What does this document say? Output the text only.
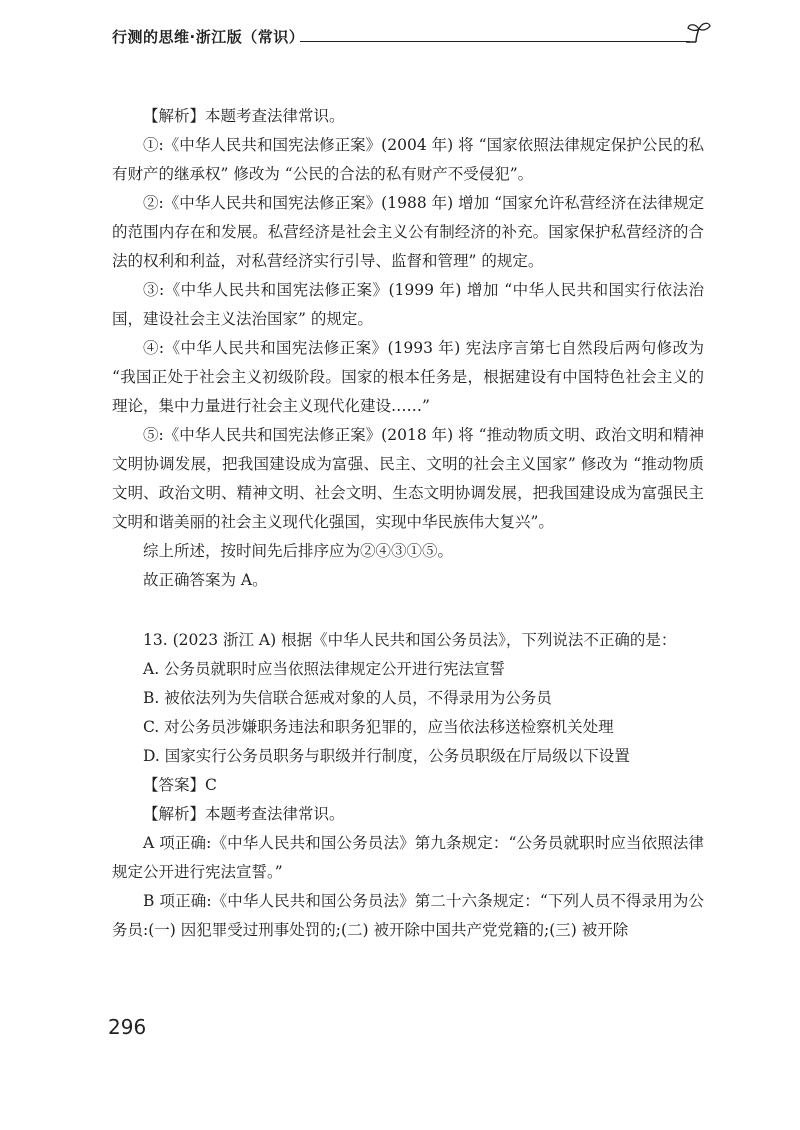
行测的思维·浙江版（常识）

【解析】本题考查法律常识。

①:《中华人民共和国宪法修正案》(2004 年) 将 “国家依照法律规定保护公民的私有财产的继承权” 修改为 “公民的合法的私有财产不受侵犯”。

②:《中华人民共和国宪法修正案》(1988 年) 增加 “国家允许私营经济在法律规定的范围内存在和发展。私营经济是社会主义公有制经济的补充。国家保护私营经济的合法的权利和利益，对私营经济实行引导、监督和管理” 的规定。

③:《中华人民共和国宪法修正案》(1999 年) 增加 “中华人民共和国实行依法治国，建设社会主义法治国家” 的规定。

④:《中华人民共和国宪法修正案》(1993 年) 宪法序言第七自然段后两句修改为 “我国正处于社会主义初级阶段。国家的根本任务是，根据建设有中国特色社会主义的理论，集中力量进行社会主义现代化建设……”

⑤:《中华人民共和国宪法修正案》(2018 年) 将 “推动物质文明、政治文明和精神文明协调发展，把我国建设成为富强、民主、文明的社会主义国家” 修改为 “推动物质文明、政治文明、精神文明、社会文明、生态文明协调发展，把我国建设成为富强民主文明和谐美丽的社会主义现代化强国，实现中华民族伟大复兴”。

综上所述，按时间先后排序应为②④③①⑤。

故正确答案为 A。

13. (2023 浙江 A) 根据《中华人民共和国公务员法》，下列说法不正确的是：

A. 公务员就职时应当依照法律规定公开进行宪法宣誓

B. 被依法列为失信联合惩戒对象的人员，不得录用为公务员

C. 对公务员涉嫌职务违法和职务犯罪的，应当依法移送检察机关处理

D. 国家实行公务员职务与职级并行制度，公务员职级在厅局级以下设置

【答案】C

【解析】本题考查法律常识。

A 项正确:《中华人民共和国公务员法》第九条规定：“公务员就职时应当依照法律规定公开进行宪法宣誓。”

B 项正确:《中华人民共和国公务员法》第二十六条规定：“下列人员不得录用为公务员:(一) 因犯罪受过刑事处罚的;(二) 被开除中国共产党党籍的;(三) 被开除

296
